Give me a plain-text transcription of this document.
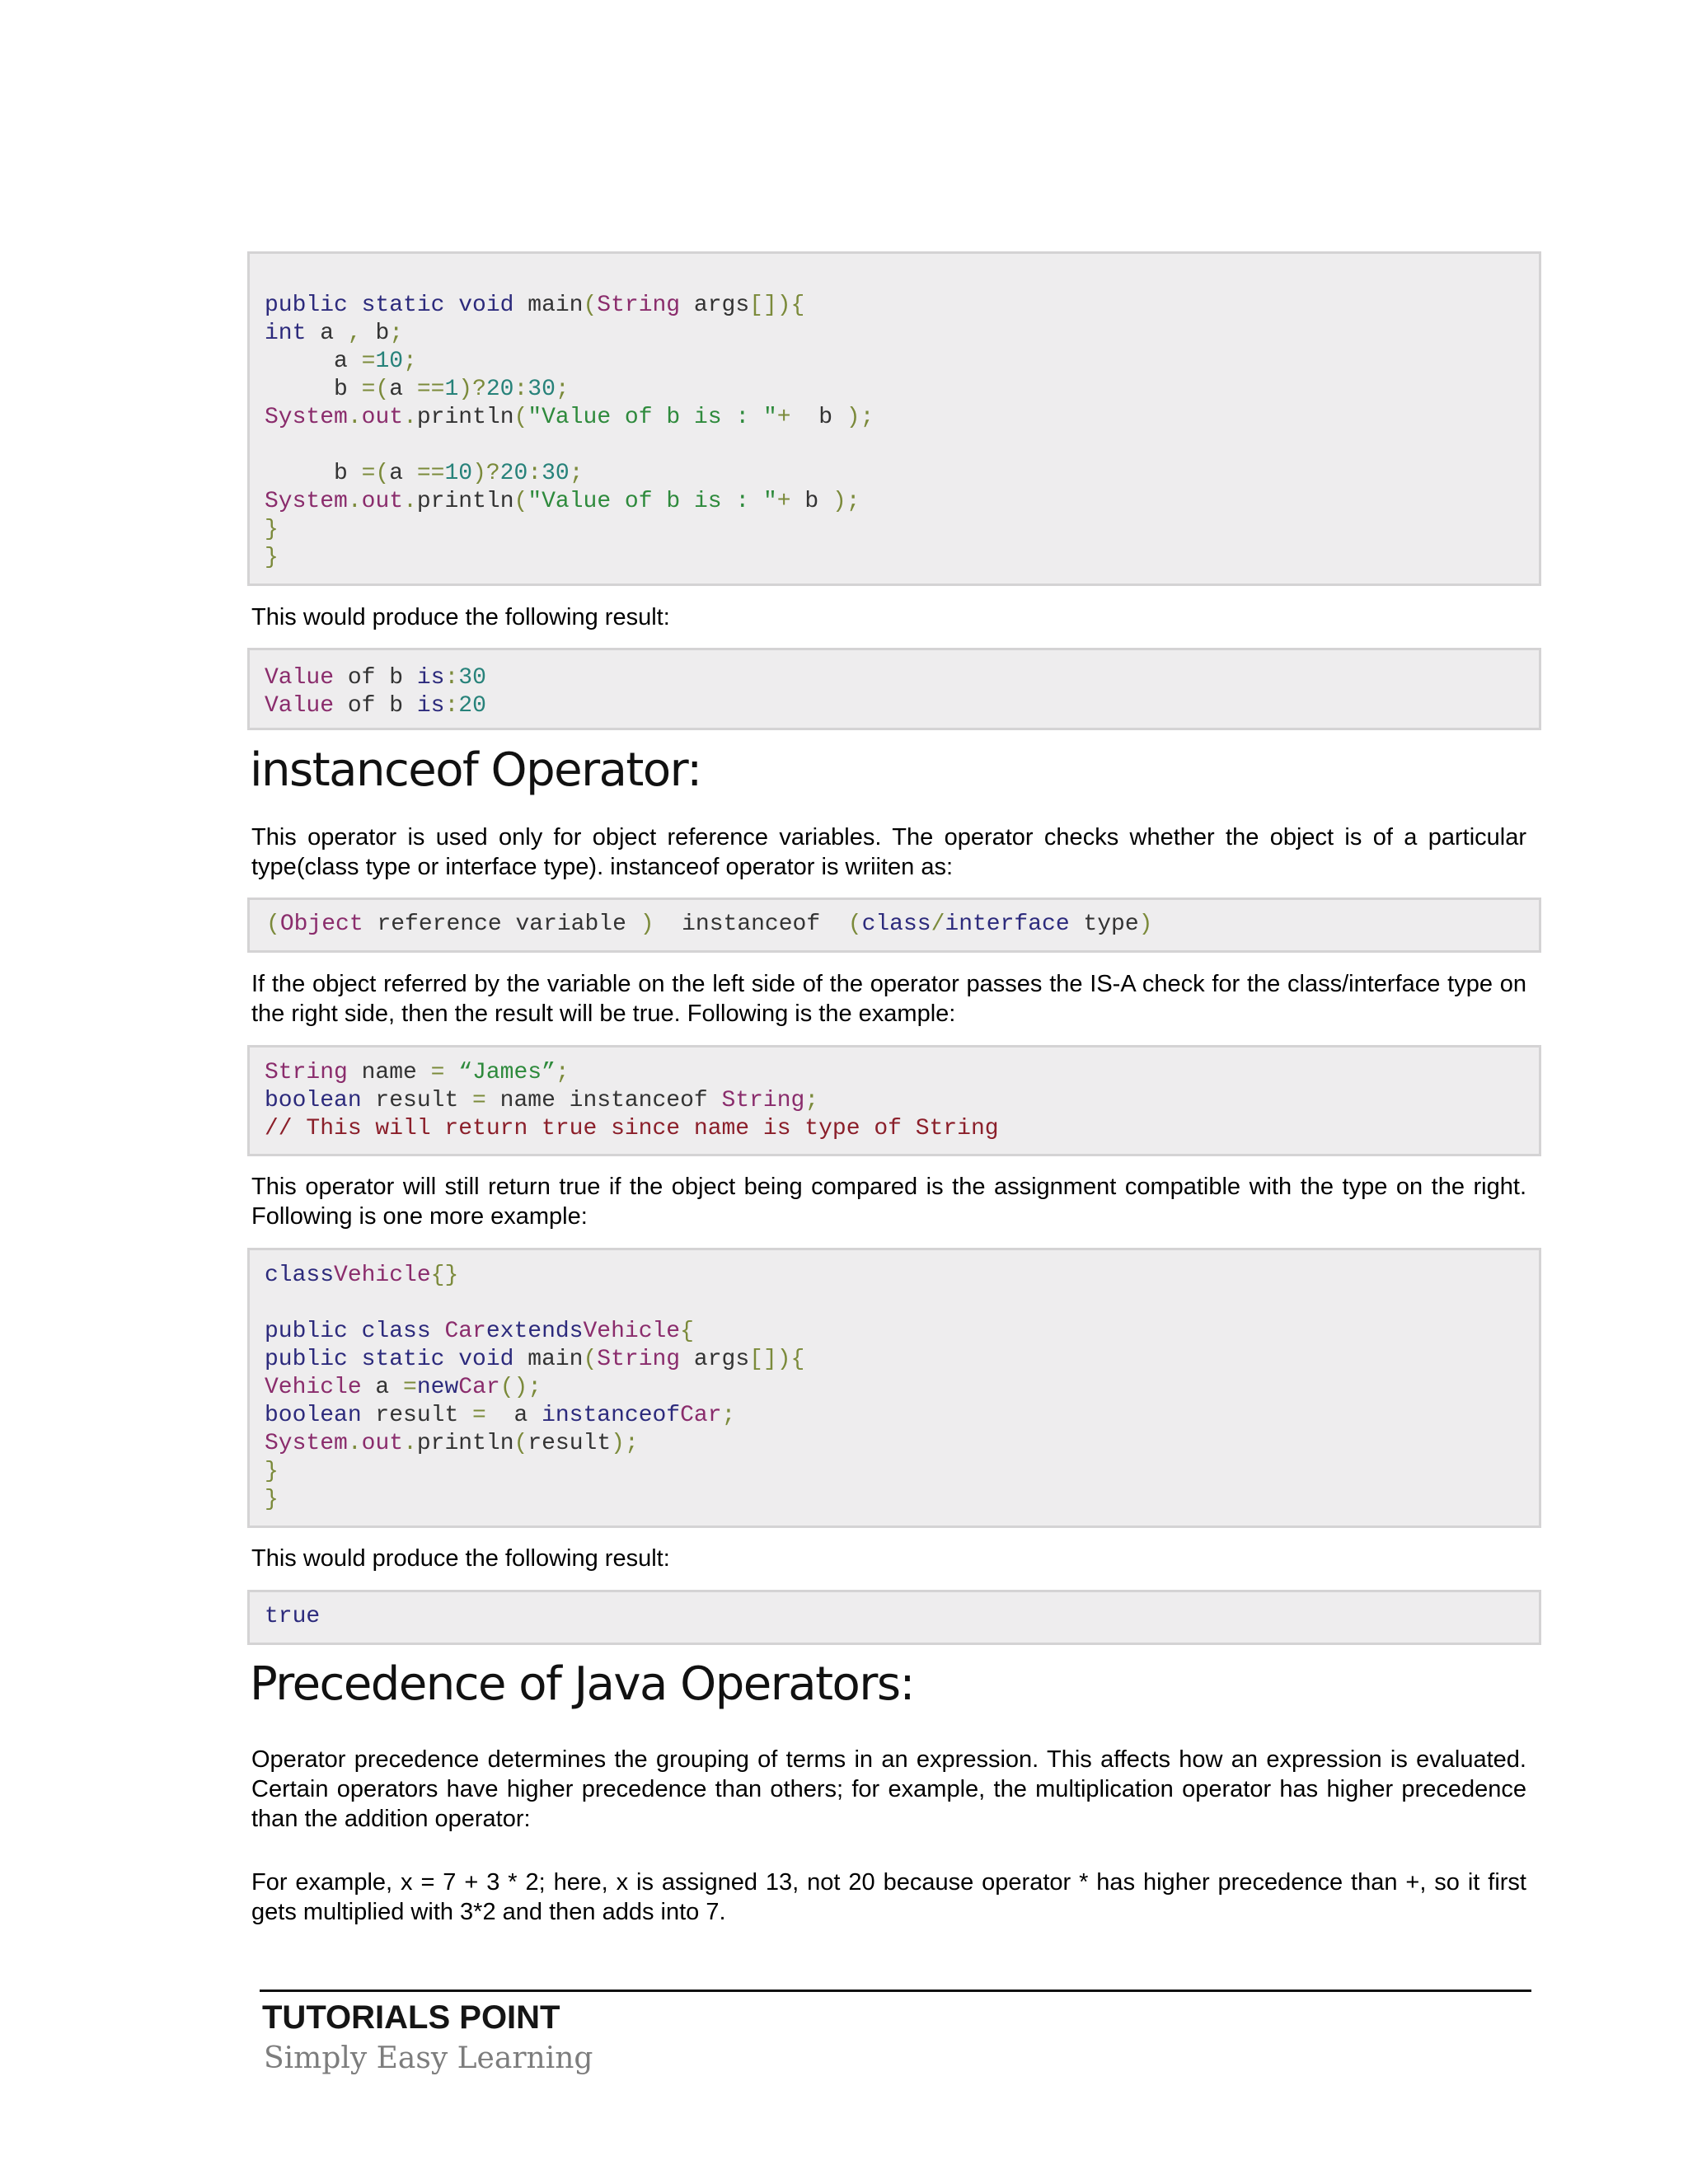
public static void main(String args[]){
int a , b;
a =10;
b =(a ==1)?20:30;
System.out.println("Value of b is : "+  b );
b =(a ==10)?20:30;
System.out.println("Value of b is : "+ b );
}
}
This would produce the following result:
Value of b is:30
Value of b is:20
instanceof Operator:
This operator is used only for object reference variables. The operator checks whether the object is of a particular type(class type or interface type). instanceof operator is wriiten as:
(Object reference variable )  instanceof  (class/interface type)
If the object referred by the variable on the left side of the operator passes the IS-A check for the class/interface type on the right side, then the result will be true. Following is the example:
String name = “James”;
boolean result = name instanceof String;
// This will return true since name is type of String
This operator will still return true if the object being compared is the assignment compatible with the type on the right. Following is one more example:
classVehicle{}
public class CarextendsVehicle{
public static void main(String args[]){
Vehicle a =newCar();
boolean result =  a instanceofCar;
System.out.println(result);
}
}
This would produce the following result:
true
Precedence of Java Operators:
Operator precedence determines the grouping of terms in an expression. This affects how an expression is evaluated. Certain operators have higher precedence than others; for example, the multiplication operator has higher precedence than the addition operator:
For example, x = 7 + 3 * 2; here, x is assigned 13, not 20 because operator * has higher precedence than +, so it first gets multiplied with 3*2 and then adds into 7.
TUTORIALS POINT
Simply Easy Learning
